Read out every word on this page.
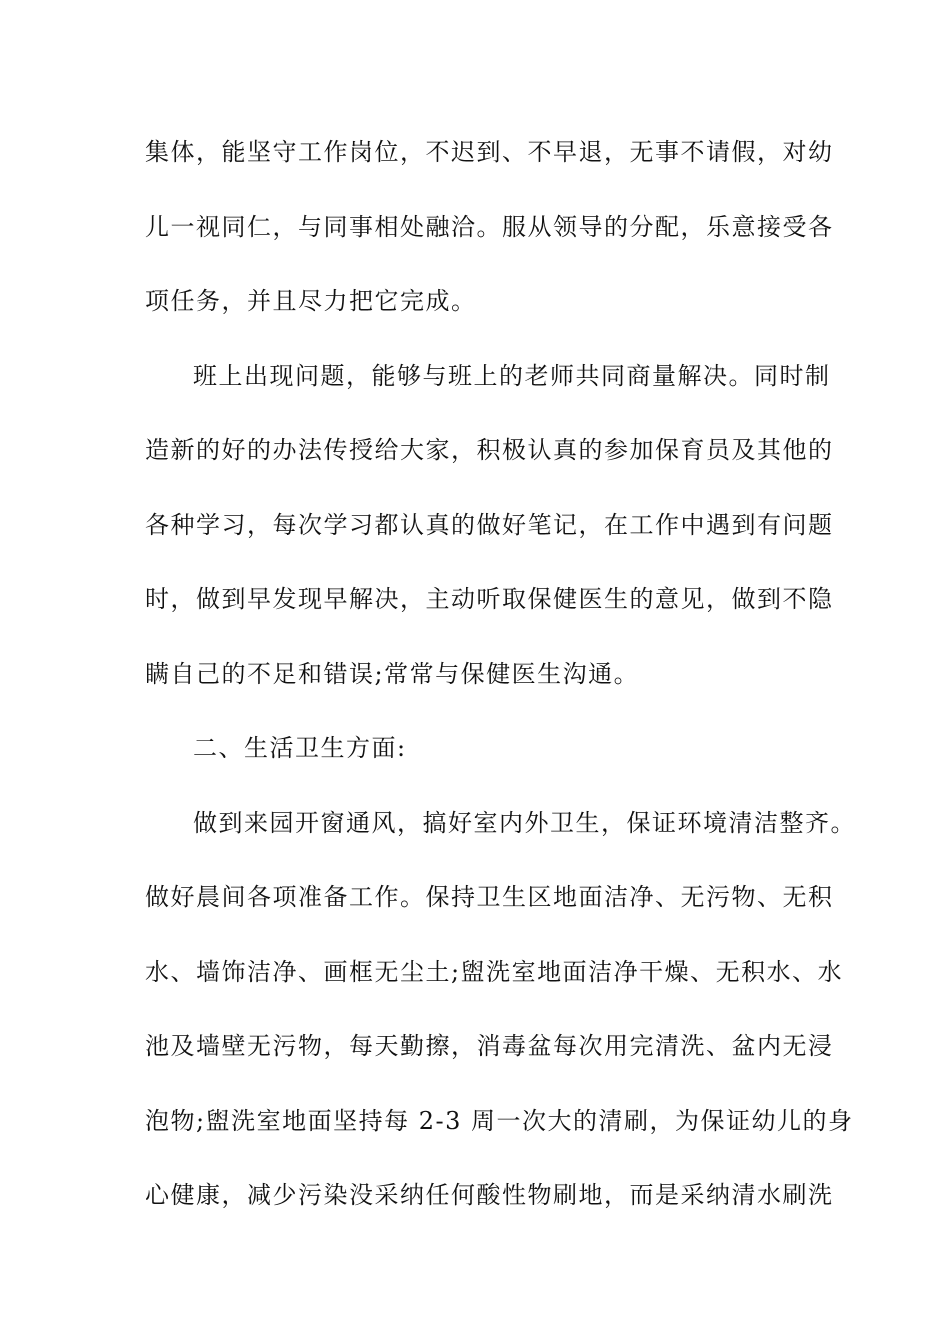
集体，能坚守工作岗位，不迟到、不早退，无事不请假，对幼
儿一视同仁，与同事相处融洽。服从领导的分配，乐意接受各
项任务，并且尽力把它完成。
班上出现问题，能够与班上的老师共同商量解决。同时制
造新的好的办法传授给大家，积极认真的参加保育员及其他的
各种学习，每次学习都认真的做好笔记，在工作中遇到有问题
时，做到早发现早解决，主动听取保健医生的意见，做到不隐
瞒自己的不足和错误;常常与保健医生沟通。
二、生活卫生方面:
做到来园开窗通风，搞好室内外卫生，保证环境清洁整齐。
做好晨间各项准备工作。保持卫生区地面洁净、无污物、无积
水、墙饰洁净、画框无尘土;盥洗室地面洁净干燥、无积水、水
池及墙壁无污物，每天勤擦，消毒盆每次用完清洗、盆内无浸
泡物;盥洗室地面坚持每 2-3 周一次大的清刷，为保证幼儿的身
心健康，减少污染没采纳任何酸性物刷地，而是采纳清水刷洗
